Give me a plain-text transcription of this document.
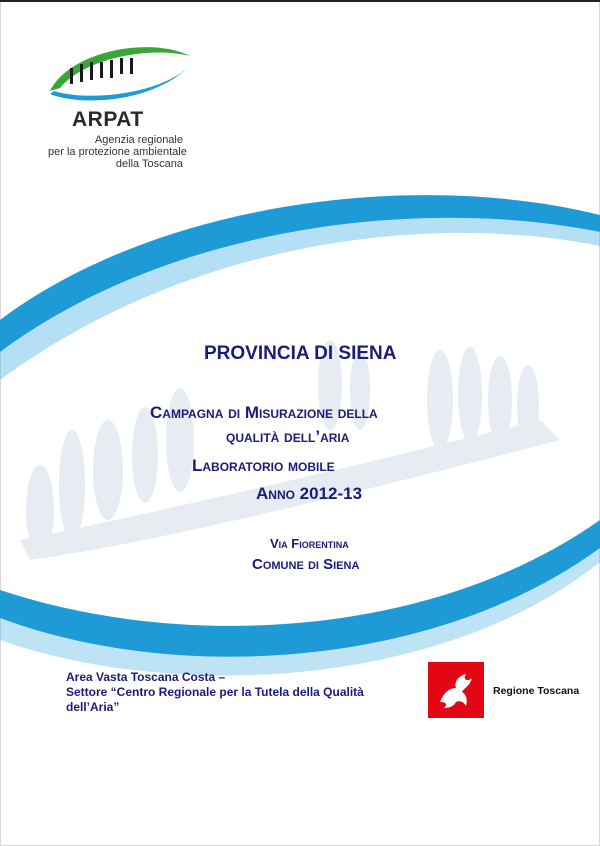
ARPAT
Agenzia regionale
per la protezione ambientale
della Toscana
PROVINCIA DI SIENA
Campagna di Misurazione della
qualità dell’aria
Laboratorio mobile
Anno 2012-13
Via Fiorentina
Comune di Siena
Area Vasta Toscana Costa –
Settore “Centro Regionale per la Tutela della Qualità
dell’Aria”
Regione Toscana
